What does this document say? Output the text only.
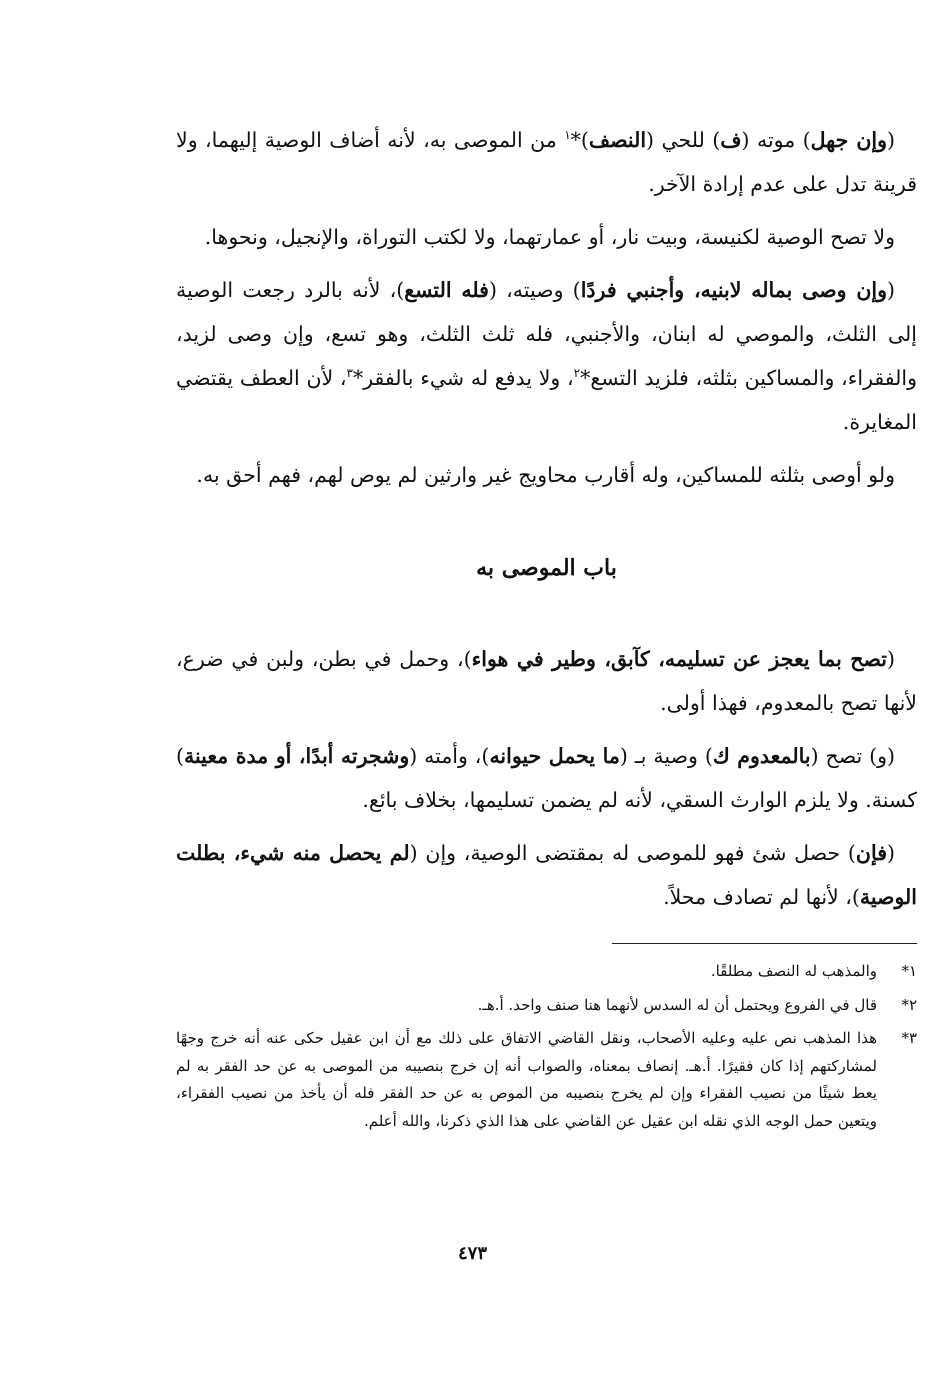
(وإن جهل) موته (ف) للحي (النصف)*$^١$ من الموصى به، لأنه أضاف الوصية إليهما، ولا قرينة تدل على عدم إرادة الآخر.

ولا تصح الوصية لكنيسة، وبيت نار، أو عمارتهما، ولا لكتب التوراة، والإنجيل، ونحوها.

(وإن وصى بماله لابنيه، وأجنبي فردًا) وصيته، (فله التسع)، لأنه بالرد رجعت الوصية إلى الثلث، والموصي له ابنان، والأجنبي، فله ثلث الثلث، وهو تسع، وإن وصى لزيد، والفقراء، والمساكين بثلثه، فلزيد التسع*$^٢$، ولا يدفع له شيء بالفقر*$^٣$، لأن العطف يقتضي المغايرة.

ولو أوصى بثلثه للمساكين، وله أقارب محاويج غير وارثين لم يوص لهم، فهم أحق به.

باب الموصى به

(تصح بما يعجز عن تسليمه، كآبق، وطير في هواء)، وحمل في بطن، ولبن في ضرع، لأنها تصح بالمعدوم، فهذا أولى.

(و) تصح (بالمعدوم ك) وصية بـ (ما يحمل حيوانه)، وأمته (وشجرته أبدًا، أو مدة معينة) كسنة. ولا يلزم الوارث السقي، لأنه لم يضمن تسليمها، بخلاف بائع.

(فإن) حصل شئ فهو للموصى له بمقتضى الوصية، وإن (لم يحصل منه شيء، بطلت الوصية)، لأنها لم تصادف محلاً.

١*
والمذهب له النصف مطلقًا.
٢*
قال في الفروع ويحتمل أن له السدس لأنهما هنا صنف واحد. أ.هـ.
٣*
هذا المذهب نص عليه وعليه الأصحاب، ونقل القاضي الاتفاق على ذلك مع أن ابن عقيل حكى عنه أنه خرج وجهًا لمشاركتهم إذا كان فقيرًا. أ.هـ. إنصاف بمعناه، والصواب أنه إن خرج بنصيبه من الموصى به عن حد الفقر به لم يعط شيئًا من نصيب الفقراء وإن لم يخرج بنصيبه من الموص به عن حد الفقر فله أن يأخذ من نصيب الفقراء، ويتعين حمل الوجه الذي نقله ابن عقيل عن القاضي على هذا الذي ذكرنا، والله أعلم.
٤٧٣
